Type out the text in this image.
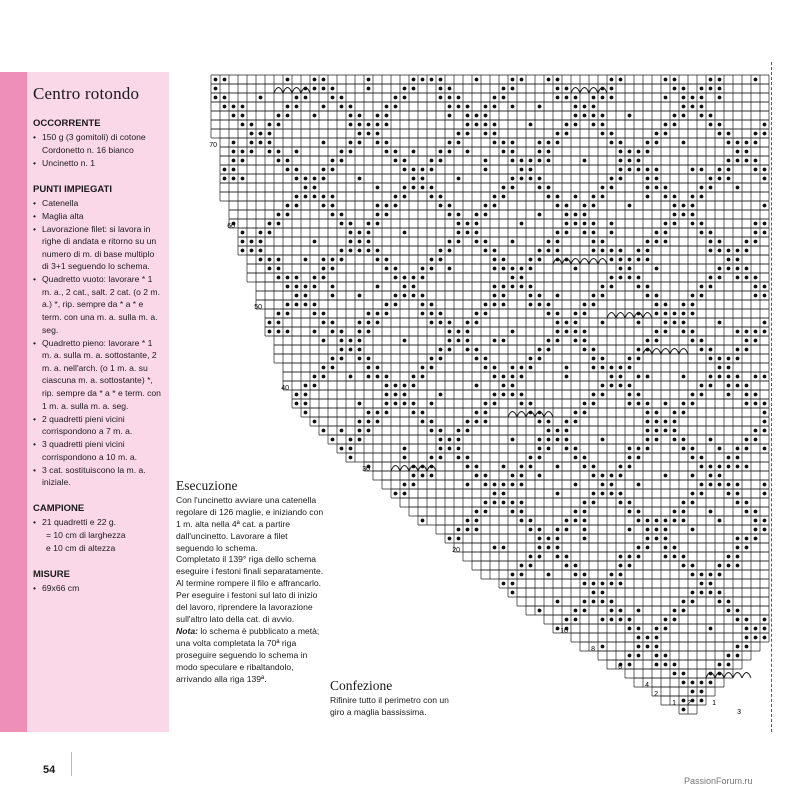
Centro rotondo
OCCORRENTE
• 150 g (3 gomitoli) di cotone Cordonetto n. 16 bianco
• Uncinetto n. 1
PUNTI IMPIEGATI
• Catenella
• Maglia alta
• Lavorazione filet: si lavora in righe di andata e ritorno su un numero di m. di base multiplo di 3+1 seguendo lo schema.
• Quadretto vuoto: lavorare * 1 m. a., 2 cat., salt. 2 cat. (o 2 m. a.) *, rip. sempre da * a * e term. con una m. a. sulla m. a. seg.
• Quadretto pieno: lavorare * 1 m. a. sulla m. a. sottostante, 2 m. a. nell'arch. (o 1 m. a. su ciascuna m. a. sottostante) *, rip. sempre da * a * e term. con 1 m. a. sulla m. a. seg.
• 2 quadretti pieni vicini corrispondono a 7 m. a.
• 3 quadretti pieni vicini corrispondono a 10 m. a.
• 3 cat. sostituiscono la m. a. iniziale.
CAMPIONE
• 21 quadretti e 22 g.
= 10 cm di larghezza
e 10 cm di altezza
MISURE
• 69x66 cm
70
60
50
40
30
20
10
8
6
4
2
1 2	1
3
Esecuzione

Con l'uncinetto avviare una catenella regolare di 126 maglie, e iniziando con 1 m. alta nella 4ª cat. a partire dall'uncinetto. Lavorare a filet seguendo lo schema.

Completato il 139° riga dello schema eseguire i festoni finali separatamente. Al termine rompere il filo e affrancarlo.

Per eseguire i festoni sul lato di inizio del lavoro, riprendere la lavorazione sull'altro lato della cat. di avvio.

Nota: lo schema è pubblicato a metà; una volta completata la 70ª riga proseguire seguendo lo schema in modo speculare e ribaltandolo, arrivando alla riga 139ª.	Confezione

Rifinire tutto il perimetro con un giro a maglia bassissima.

54
PassionForum.ru
